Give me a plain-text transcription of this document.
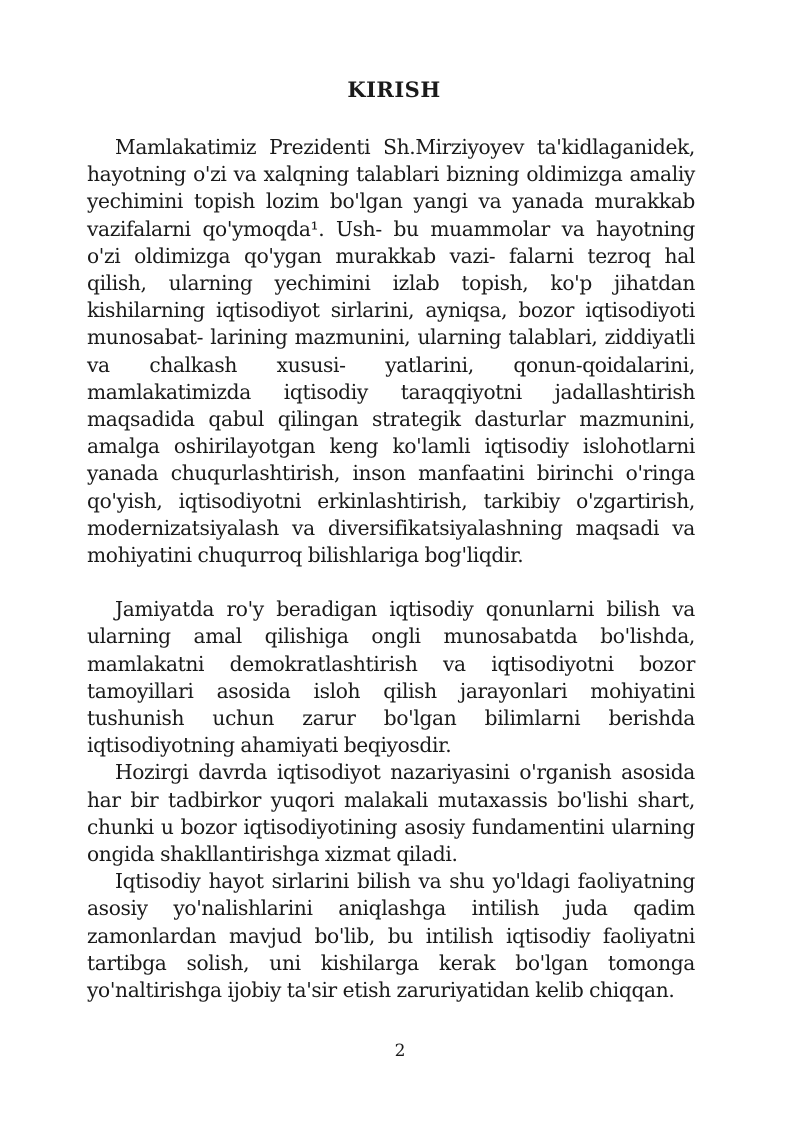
KIRISH

Mamlakatimiz Prezidenti Sh.Mirziyoyev ta'kidlaganidek, hayotning o'zi va xalqning talablari bizning oldimizga amaliy yechimini topish lozim bo'lgan yangi va yanada murakkab vazifalarni qo'ymoqda¹. Ush- bu muammolar va hayotning o'zi oldimizga qo'ygan murakkab vazi- falarni tezroq hal qilish, ularning yechimini izlab topish, ko'p jihatdan kishilarning iqtisodiyot sirlarini, ayniqsa, bozor iqtisodiyoti munosabat- larining mazmunini, ularning talablari, ziddiyatli va chalkash xususi- yatlarini, qonun-qoidalarini, mamlakatimizda iqtisodiy taraqqiyotni jadallashtirish maqsadida qabul qilingan strategik dasturlar mazmunini, amalga oshirilayotgan keng ko'lamli iqtisodiy islohotlarni yanada chuqurlashtirish, inson manfaatini birinchi o'ringa qo'yish, iqtisodiyotni erkinlashtirish, tarkibiy o'zgartirish, modernizatsiyalash va diversifikatsiyalashning maqsadi va mohiyatini chuqurroq bilishlariga bog'liqdir.

Jamiyatda ro'y beradigan iqtisodiy qonunlarni bilish va ularning amal qilishiga ongli munosabatda bo'lishda, mamlakatni demokratlashtirish va iqtisodiyotni bozor tamoyillari asosida isloh qilish jarayonlari mohiyatini tushunish uchun zarur bo'lgan bilimlarni berishda iqtisodiyotning ahamiyati beqiyosdir.

Hozirgi davrda iqtisodiyot nazariyasini o'rganish asosida har bir tadbirkor yuqori malakali mutaxassis bo'lishi shart, chunki u bozor iqtisodiyotining asosiy fundamentini ularning ongida shakllantirishga xizmat qiladi.

Iqtisodiy hayot sirlarini bilish va shu yo'ldagi faoliyatning asosiy yo'nalishlarini aniqlashga intilish juda qadim zamonlardan mavjud bo'lib, bu intilish iqtisodiy faoliyatni tartibga solish, uni kishilarga kerak bo'lgan tomonga yo'naltirishga ijobiy ta'sir etish zaruriyatidan kelib chiqqan.

2
